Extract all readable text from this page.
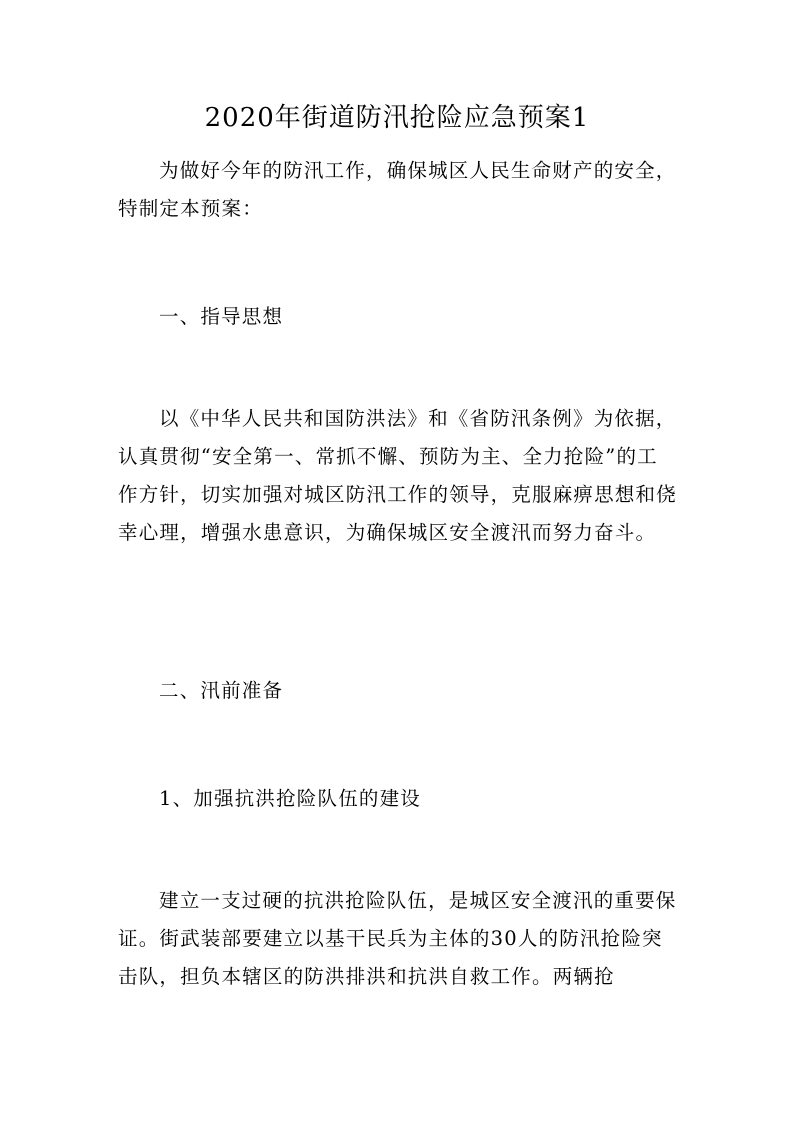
2020年街道防汛抢险应急预案1

为做好今年的防汛工作，确保城区人民生命财产的安全，特制定本预案：

一、指导思想

以《中华人民共和国防洪法》和《省防汛条例》为依据，认真贯彻“安全第一、常抓不懈、预防为主、全力抢险”的工作方针，切实加强对城区防汛工作的领导，克服麻痹思想和侥幸心理，增强水患意识，为确保城区安全渡汛而努力奋斗。

二、汛前准备

1、加强抗洪抢险队伍的建设

建立一支过硬的抗洪抢险队伍，是城区安全渡汛的重要保证。街武装部要建立以基干民兵为主体的30人的防汛抢险突击队，担负本辖区的防洪排洪和抗洪自救工作。两辆抢
